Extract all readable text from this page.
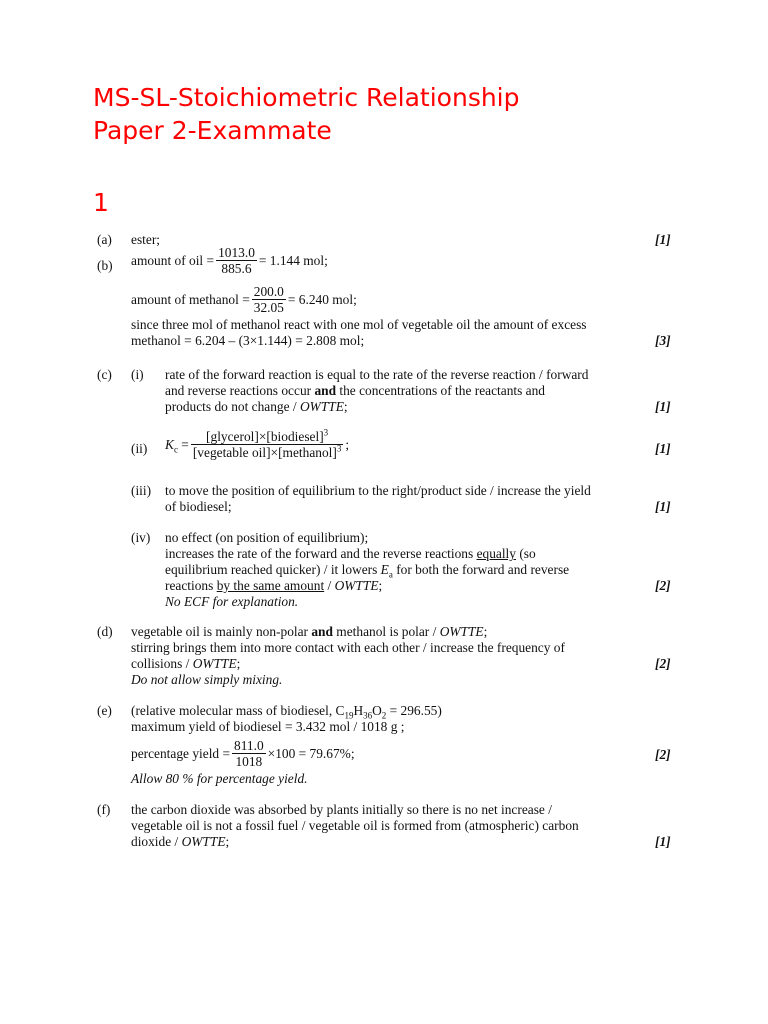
MS-SL-Stoichiometric Relationship
Paper 2-Exammate
1
(a) ester;	[1]
(b) amount of oil = $\frac{1013.0}{885.6} = 1.144$ mol;
amount of methanol = $\frac{200.0}{32.05} = 6.240$ mol;
since three mol of methanol react with one mol of vegetable oil the amount of excess
methanol = 6.204 – (3×1.144) = 2.808 mol;	[3]
(c) (i) rate of the forward reaction is equal to the rate of the reverse reaction / forward
and reverse reactions occur and the concentrations of the reactants and
products do not change / OWTTE;	[1]
(ii) $K_c = \frac{[glycerol]\times[biodiesel]^3}{[vegetable oil]\times[methanol]^3}$ ;	[1]
(iii) to move the position of equilibrium to the right/product side / increase the yield
of biodiesel;	[1]
(iv) no effect (on position of equilibrium);
increases the rate of the forward and the reverse reactions equally (so
equilibrium reached quicker) / it lowers $E_a$ for both the forward and reverse
reactions by the same amount / OWTTE;
No ECF for explanation.
[2]
(d) vegetable oil is mainly non-polar and methanol is polar / OWTTE;
stirring brings them into more contact with each other / increase the frequency of
collisions / OWTTE;
Do not allow simply mixing.
[2]
(e) (relative molecular mass of biodiesel, $C_{19}H_{36}O_2 = 296.55$)
maximum yield of biodiesel = 3.432 mol / 1018 g ;
percentage yield = $\frac{811.0}{1018} \times 100 = 79.67\%$;
Allow 80 % for percentage yield.
[2]
(f) the carbon dioxide was absorbed by plants initially so there is no net increase /
vegetable oil is not a fossil fuel / vegetable oil is formed from (atmospheric) carbon
dioxide / OWTTE;	[1]
